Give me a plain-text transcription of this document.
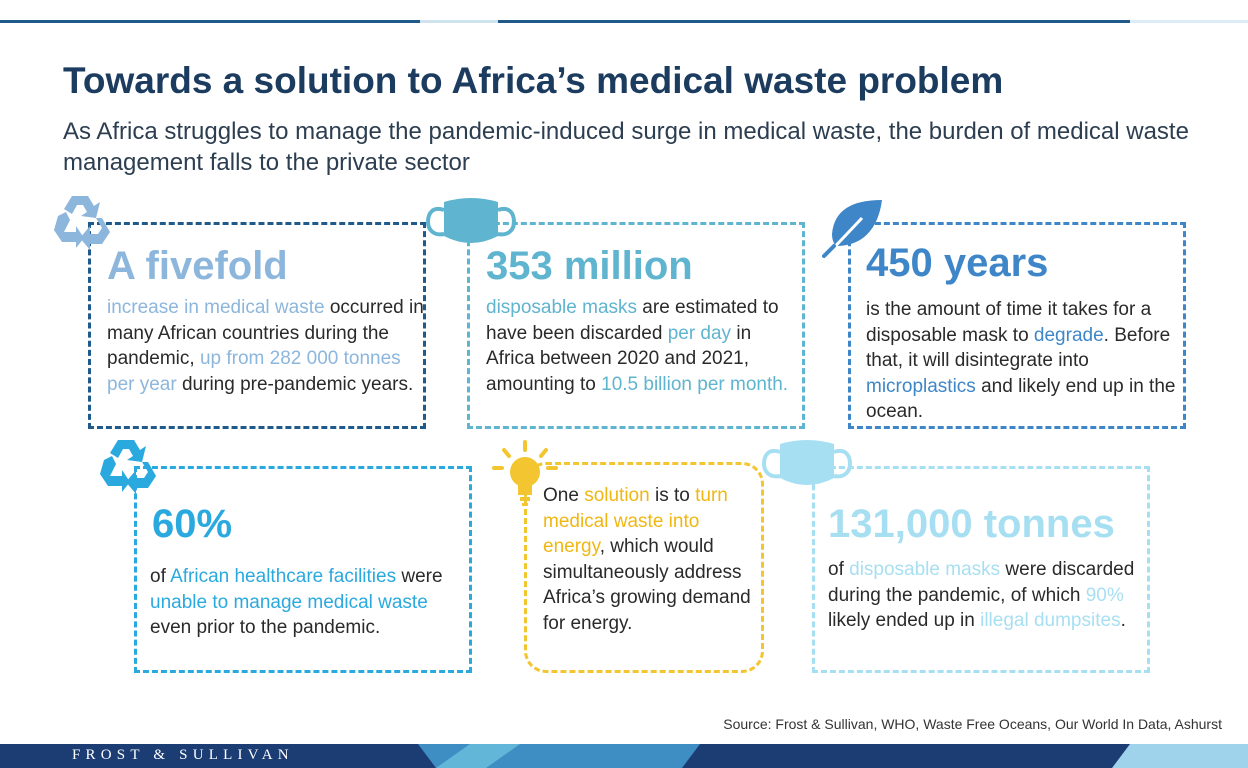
Towards a solution to Africa’s medical waste problem
As Africa struggles to manage the pandemic-induced surge in medical waste, the burden of medical waste management falls to the private sector
A fivefold
increase in medical waste occurred in many African countries during the pandemic, up from 282 000 tonnes per year during pre-pandemic years.
353 million
disposable masks are estimated to have been discarded per day in Africa between 2020 and 2021, amounting to 10.5 billion per month.
450 years
is the amount of time it takes for a disposable mask to degrade. Before that, it will disintegrate into microplastics and likely end up in the ocean.
60%
of African healthcare facilities were unable to manage medical waste even prior to the pandemic.
One solution is to turn medical waste into energy, which would simultaneously address Africa’s growing demand for energy.
131,000 tonnes
of disposable masks were discarded during the pandemic, of which 90% likely ended up in illegal dumpsites.
Source: Frost & Sullivan, WHO, Waste Free Oceans, Our World In Data, Ashurst
FROST & SULLIVAN
